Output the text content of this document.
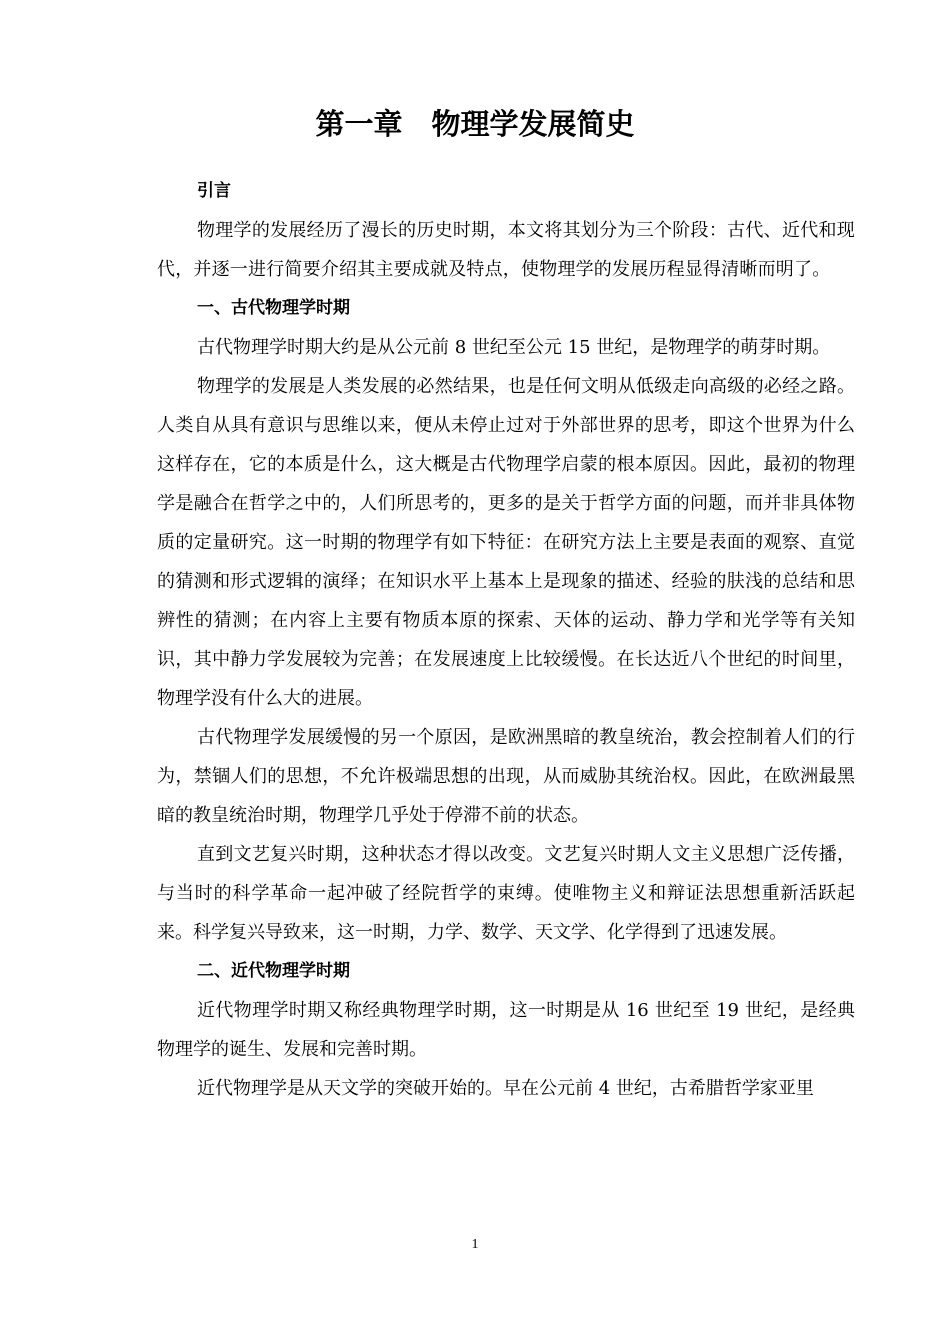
第一章　物理学发展简史
引言

物理学的发展经历了漫长的历史时期，本文将其划分为三个阶段：古代、近代和现代，并逐一进行简要介绍其主要成就及特点，使物理学的发展历程显得清晰而明了。

一、古代物理学时期

古代物理学时期大约是从公元前 8 世纪至公元 15 世纪，是物理学的萌芽时期。

物理学的发展是人类发展的必然结果，也是任何文明从低级走向高级的必经之路。人类自从具有意识与思维以来，便从未停止过对于外部世界的思考，即这个世界为什么这样存在，它的本质是什么，这大概是古代物理学启蒙的根本原因。因此，最初的物理学是融合在哲学之中的，人们所思考的，更多的是关于哲学方面的问题，而并非具体物质的定量研究。这一时期的物理学有如下特征：在研究方法上主要是表面的观察、直觉的猜测和形式逻辑的演绎；在知识水平上基本上是现象的描述、经验的肤浅的总结和思辨性的猜测；在内容上主要有物质本原的探索、天体的运动、静力学和光学等有关知识，其中静力学发展较为完善；在发展速度上比较缓慢。在长达近八个世纪的时间里，物理学没有什么大的进展。

古代物理学发展缓慢的另一个原因，是欧洲黑暗的教皇统治，教会控制着人们的行为，禁锢人们的思想，不允许极端思想的出现，从而威胁其统治权。因此，在欧洲最黑暗的教皇统治时期，物理学几乎处于停滞不前的状态。

直到文艺复兴时期，这种状态才得以改变。文艺复兴时期人文主义思想广泛传播，与当时的科学革命一起冲破了经院哲学的束缚。使唯物主义和辩证法思想重新活跃起来。科学复兴导致来，这一时期，力学、数学、天文学、化学得到了迅速发展。

二、近代物理学时期

近代物理学时期又称经典物理学时期，这一时期是从 16 世纪至 19 世纪，是经典物理学的诞生、发展和完善时期。

近代物理学是从天文学的突破开始的。早在公元前 4 世纪，古希腊哲学家亚里

1
